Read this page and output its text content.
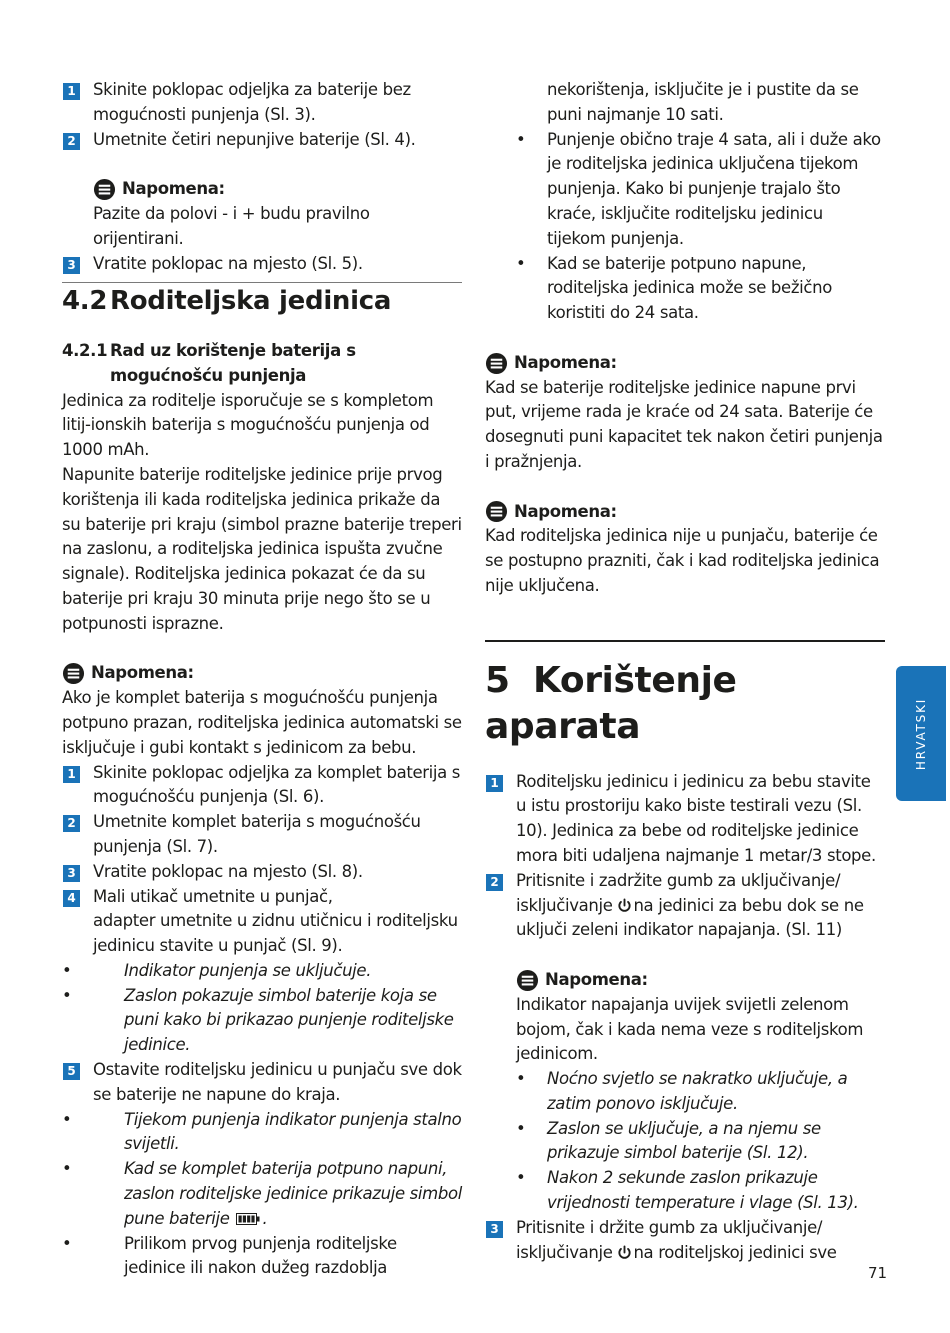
1 Skinite poklopac odjeljka za baterije bez mogućnosti punjenja (Sl. 3).
2 Umetnite četiri nepunjive baterije (Sl. 4).
Napomena:
Pazite da polovi - i + budu pravilno orijentirani.
3 Vratite poklopac na mjesto (Sl. 5).
4.2 Roditeljska jedinica
4.2.1 Rad uz korištenje baterija s mogućnošću punjenja
Jedinica za roditelje isporučuje se s kompletom litij-ionskih baterija s mogućnošću punjenja od 1000 mAh.
Napunite baterije roditeljske jedinice prije prvog korištenja ili kada roditeljska jedinica prikaže da su baterije pri kraju (simbol prazne baterije treperi na zaslonu, a roditeljska jedinica ispušta zvučne signale). Roditeljska jedinica pokazat će da su baterije pri kraju 30 minuta prije nego što se u potpunosti isprazne.
Napomena:
Ako je komplet baterija s mogućnošću punjenja potpuno prazan, roditeljska jedinica automatski se isključuje i gubi kontakt s jedinicom za bebu.
1 Skinite poklopac odjeljka za komplet baterija s mogućnošću punjenja (Sl. 6).
2 Umetnite komplet baterija s mogućnošću punjenja (Sl. 7).
3 Vratite poklopac na mjesto (Sl. 8).
4 Mali utikač umetnite u punjač,
adapter umetnite u zidnu utičnicu i roditeljsku jedinicu stavite u punjač (Sl. 9).
•	Indikator punjenja se uključuje.
•	Zaslon pokazuje simbol baterije koja se puni kako bi prikazao punjenje roditeljske jedinice.
5 Ostavite roditeljsku jedinicu u punjaču sve dok se baterije ne napune do kraja.
•	Tijekom punjenja indikator punjenja stalno svijetli.
•	Kad se komplet baterija potpuno napuni, zaslon roditeljske jedinice prikazuje simbol pune baterije .
•	Prilikom prvog punjenja roditeljske jedinice ili nakon dužeg razdoblja
nekorištenja, isključite je i pustite da se puni najmanje 10 sati.
• Punjenje obično traje 4 sata, ali i duže ako je roditeljska jedinica uključena tijekom punjenja. Kako bi punjenje trajalo što kraće, isključite roditeljsku jedinicu tijekom punjenja.
• Kad se baterije potpuno napune, roditeljska jedinica može se bežično koristiti do 24 sata.
Napomena:
Kad se baterije roditeljske jedinice napune prvi put, vrijeme rada je kraće od 24 sata. Baterije će dosegnuti puni kapacitet tek nakon četiri punjenja i pražnjenja.
Napomena:
Kad roditeljska jedinica nije u punjaču, baterije će se postupno prazniti, čak i kad roditeljska jedinica nije uključena.
5 Korištenje aparata
1 Roditeljsku jedinicu i jedinicu za bebu stavite u istu prostoriju kako biste testirali vezu (Sl. 10). Jedinica za bebe od roditeljske jedinice mora biti udaljena najmanje 1 metar/3 stope.
2 Pritisnite i zadržite gumb za uključivanje/ isključivanje na jedinici za bebu dok se ne uključi zeleni indikator napajanja. (Sl. 11)
Napomena:
Indikator napajanja uvijek svijetli zelenom bojom, čak i kada nema veze s roditeljskom jedinicom.
• Noćno svjetlo se nakratko uključuje, a zatim ponovo isključuje.
• Zaslon se uključuje, a na njemu se prikazuje simbol baterije (Sl. 12).
• Nakon 2 sekunde zaslon prikazuje vrijednosti temperature i vlage (Sl. 13).
3 Pritisnite i držite gumb za uključivanje/ isključivanje na roditeljskoj jedinici sve
HRVATSKI
71
